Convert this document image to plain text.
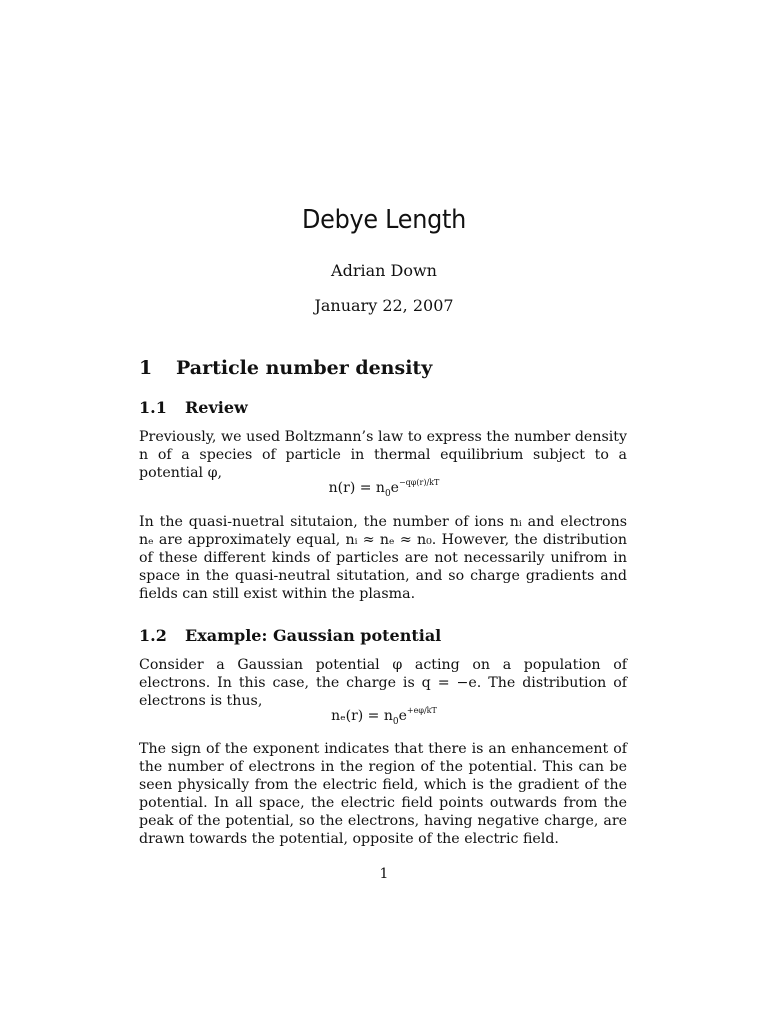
Debye Length
Adrian Down
January 22, 2007
1 Particle number density
1.1 Review
Previously, we used Boltzmann’s law to express the number density n of a species of particle in thermal equilibrium subject to a potential φ,
$n(r) = n_0e^{-q\varphi(r)/kT}$
In the quasi-nuetral situtaion, the number of ions nᵢ and electrons nₑ are approximately equal, nᵢ ≈ nₑ ≈ n₀. However, the distribution of these different kinds of particles are not necessarily unifrom in space in the quasi-neutral situtation, and so charge gradients and fields can still exist within the plasma.
1.2 Example: Gaussian potential
Consider a Gaussian potential φ acting on a population of electrons. In this case, the charge is q = −e. The distribution of electrons is thus,
$n_e(r) = n_0e^{+e\varphi/kT}$
The sign of the exponent indicates that there is an enhancement of the number of electrons in the region of the potential. This can be seen physically from the electric field, which is the gradient of the potential. In all space, the electric field points outwards from the peak of the potential, so the electrons, having negative charge, are drawn towards the potential, opposite of the electric field.
1
